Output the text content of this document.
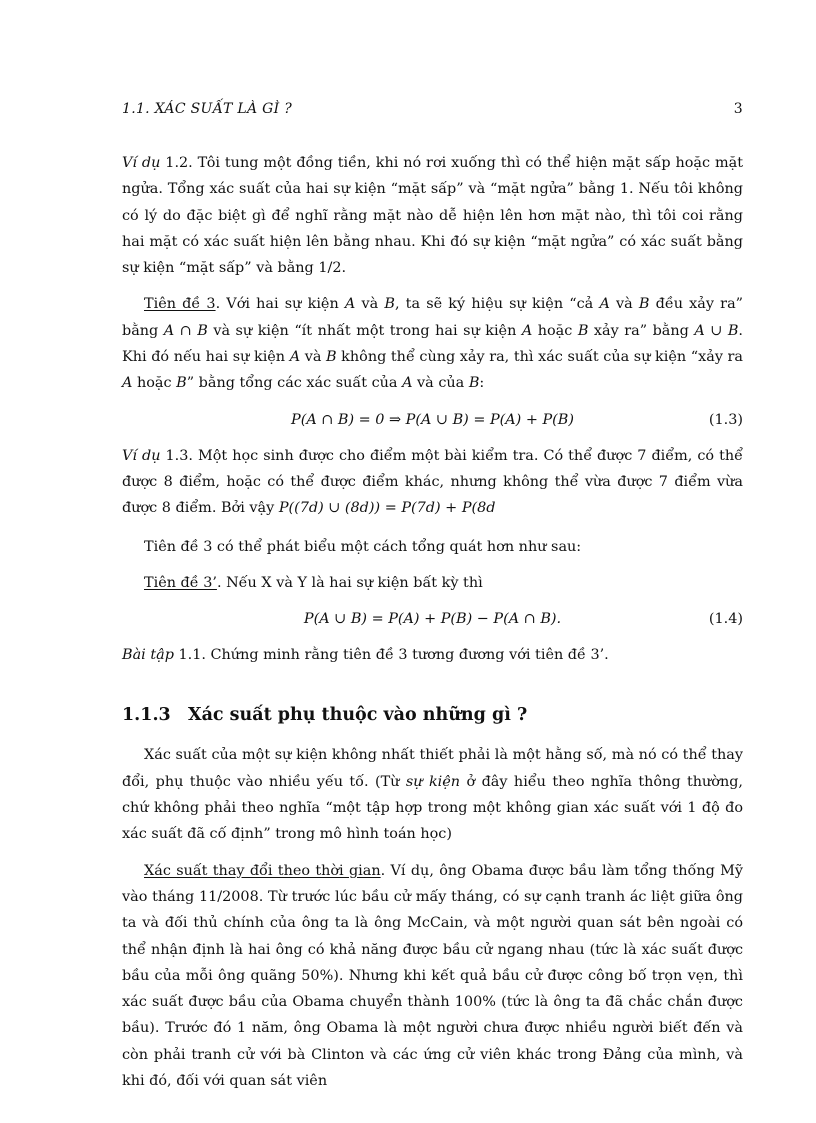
1.1. XÁC SUẤT LÀ GÌ ?	3

Ví dụ 1.2. Tôi tung một đồng tiền, khi nó rơi xuống thì có thể hiện mặt sấp hoặc mặt ngửa. Tổng xác suất của hai sự kiện “mặt sấp” và “mặt ngửa” bằng 1. Nếu tôi không có lý do đặc biệt gì để nghĩ rằng mặt nào dễ hiện lên hơn mặt nào, thì tôi coi rằng hai mặt có xác suất hiện lên bằng nhau. Khi đó sự kiện “mặt ngửa” có xác suất bằng sự kiện “mặt sấp” và bằng 1/2.

Tiên đề 3. Với hai sự kiện A và B, ta sẽ ký hiệu sự kiện “cả A và B đều xảy ra” bằng A ∩ B và sự kiện “ít nhất một trong hai sự kiện A hoặc B xảy ra” bằng A ∪ B. Khi đó nếu hai sự kiện A và B không thể cùng xảy ra, thì xác suất của sự kiện “xảy ra A hoặc B” bằng tổng các xác suất của A và của B:

P(A ∩ B) = 0 ⇒ P(A ∪ B) = P(A) + P(B)	(1.3)

Ví dụ 1.3. Một học sinh được cho điểm một bài kiểm tra. Có thể được 7 điểm, có thể được 8 điểm, hoặc có thể được điểm khác, nhưng không thể vừa được 7 điểm vừa được 8 điểm. Bởi vậy P((7d) ∪ (8d)) = P(7d) + P(8d

Tiên đề 3 có thể phát biểu một cách tổng quát hơn như sau:

Tiên đề 3’. Nếu X và Y là hai sự kiện bất kỳ thì

P(A ∪ B) = P(A) + P(B) − P(A ∩ B).	(1.4)

Bài tập 1.1. Chứng minh rằng tiên đề 3 tương đương với tiên đề 3’.

1.1.3 Xác suất phụ thuộc vào những gì ?

Xác suất của một sự kiện không nhất thiết phải là một hằng số, mà nó có thể thay đổi, phụ thuộc vào nhiều yếu tố. (Từ sự kiện ở đây hiểu theo nghĩa thông thường, chứ không phải theo nghĩa “một tập hợp trong một không gian xác suất với 1 độ đo xác suất đã cố định” trong mô hình toán học)

Xác suất thay đổi theo thời gian. Ví dụ, ông Obama được bầu làm tổng thống Mỹ vào tháng 11/2008. Từ trước lúc bầu cử mấy tháng, có sự cạnh tranh ác liệt giữa ông ta và đối thủ chính của ông ta là ông McCain, và một người quan sát bên ngoài có thể nhận định là hai ông có khả năng được bầu cử ngang nhau (tức là xác suất được bầu của mỗi ông quãng 50%). Nhưng khi kết quả bầu cử được công bố trọn vẹn, thì xác suất được bầu của Obama chuyển thành 100% (tức là ông ta đã chắc chắn được bầu). Trước đó 1 năm, ông Obama là một người chưa được nhiều người biết đến và còn phải tranh cử với bà Clinton và các ứng cử viên khác trong Đảng của mình, và khi đó, đối với quan sát viên
